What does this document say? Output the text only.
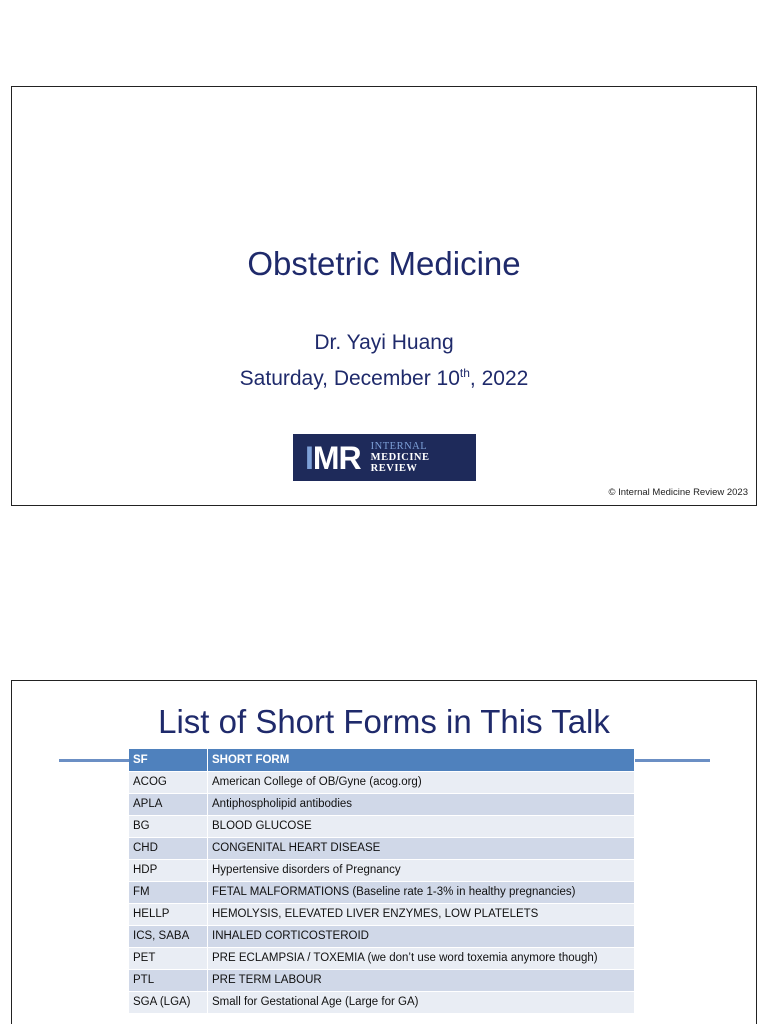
Obstetric Medicine
Dr. Yayi Huang
Saturday, December 10th, 2022
IMR INTERNAL
MEDICINE
REVIEW
© Internal Medicine Review 2023
List of Short Forms in This Talk
SF	SHORT FORM
ACOG	American College of OB/Gyne (acog.org)
APLA	Antiphospholipid antibodies
BG	BLOOD GLUCOSE
CHD	CONGENITAL HEART DISEASE
HDP	Hypertensive disorders of Pregnancy
FM	FETAL MALFORMATIONS (Baseline rate 1-3% in healthy pregnancies)
HELLP	HEMOLYSIS, ELEVATED LIVER ENZYMES, LOW PLATELETS
ICS, SABA	INHALED CORTICOSTEROID
PET	PRE ECLAMPSIA / TOXEMIA (we don’t use word toxemia anymore though)
PTL	PRE TERM LABOUR
SGA (LGA)	Small for Gestational Age (Large for GA)
